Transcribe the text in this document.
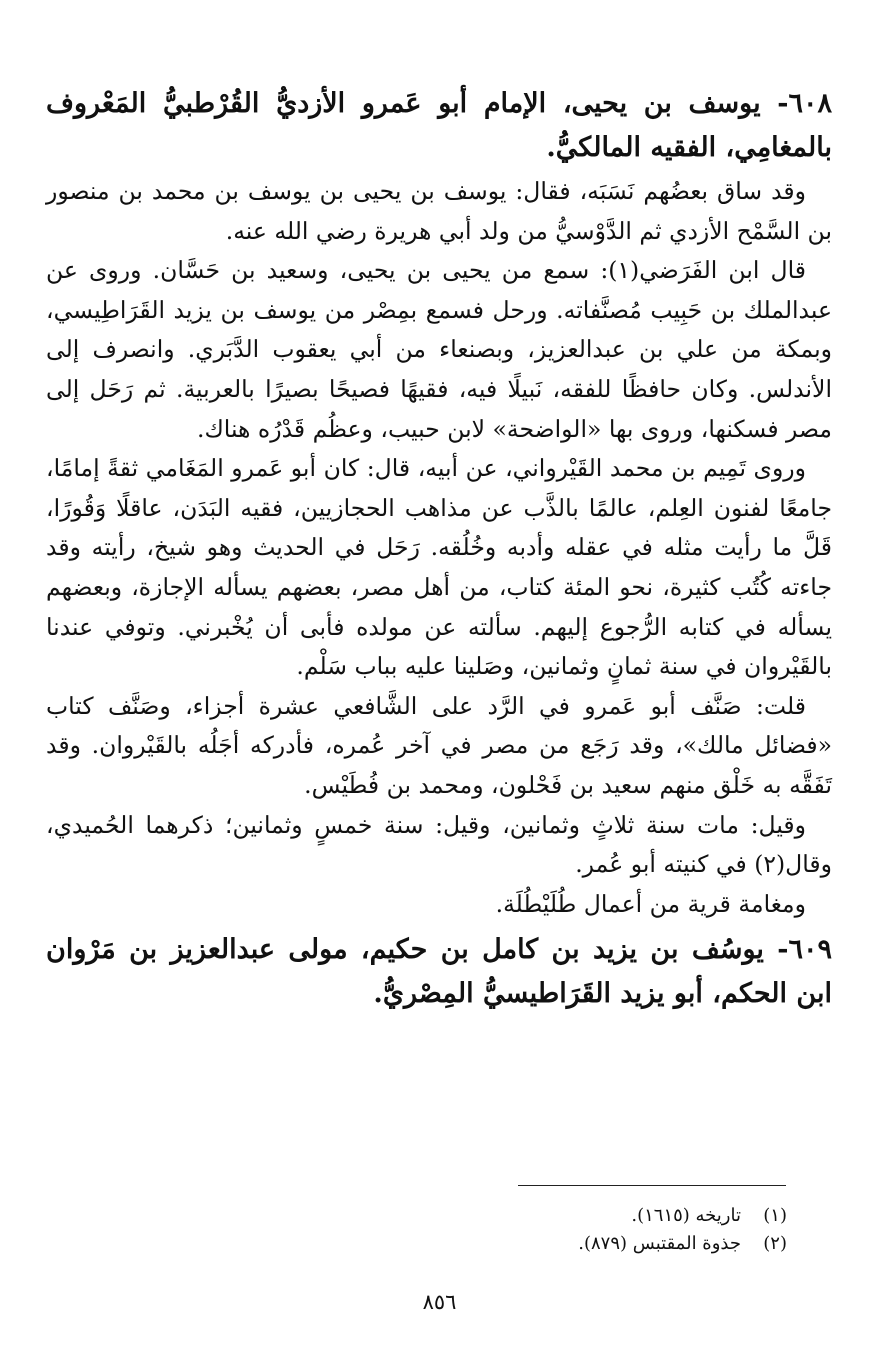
٦٠٨- يوسف بن يحيى، الإمام أبو عَمرو الأزديُّ القُرْطبيُّ المَعْروف بالمغامِي، الفقيه المالكيُّ.

وقد ساق بعضُهم نَسَبَه، فقال: يوسف بن يحيى بن يوسف بن محمد بن منصور بن السَّمْح الأزدي ثم الدَّوْسيُّ من ولد أبي هريرة رضي الله عنه.

قال ابن الفَرَضي(١): سمع من يحيى بن يحيى، وسعيد بن حَسَّان. وروى عن عبدالملك بن حَبِيب مُصنَّفاته. ورحل فسمع بمِصْر من يوسف بن يزيد القَرَاطِيسي، وبمكة من علي بن عبدالعزيز، وبصنعاء من أبي يعقوب الدَّبَري. وانصرف إلى الأندلس. وكان حافظًا للفقه، نَبيلًا فيه، فقيهًا فصيحًا بصيرًا بالعربية. ثم رَحَل إلى مصر فسكنها، وروى بها «الواضحة» لابن حبيب، وعظُم قَدْرُه هناك.

وروى تَمِيم بن محمد القَيْرواني، عن أبيه، قال: كان أبو عَمرو المَغَامي ثقةً إمامًا، جامعًا لفنون العِلم، عالمًا بالذَّب عن مذاهب الحجازيين، فقيه البَدَن، عاقلًا وَقُورًا، قَلَّ ما رأيت مثله في عقله وأدبه وخُلُقه. رَحَل في الحديث وهو شيخ، رأيته وقد جاءته كُتُب كثيرة، نحو المئة كتاب، من أهل مصر، بعضهم يسأله الإجازة، وبعضهم يسأله في كتابه الرُّجوع إليهم. سألته عن مولده فأبى أن يُخْبرني. وتوفي عندنا بالقَيْروان في سنة ثمانٍ وثمانين، وصَلينا عليه بباب سَلْم.

قلت: صَنَّف أبو عَمرو في الرَّد على الشَّافعي عشرة أجزاء، وصَنَّف كتاب «فضائل مالك»، وقد رَجَع من مصر في آخر عُمره، فأدركه أجَلُه بالقَيْروان. وقد تَفَقَّه به خَلْق منهم سعيد بن فَحْلون، ومحمد بن فُطَيْس.

وقيل: مات سنة ثلاثٍ وثمانين، وقيل: سنة خمسٍ وثمانين؛ ذكرهما الحُميدي، وقال(٢) في كنيته أبو عُمر.

ومغامة قرية من أعمال طُلَيْطُلَة.

٦٠٩- يوسُف بن يزيد بن كامل بن حكيم، مولى عبدالعزيز بن مَرْوان ابن الحكم، أبو يزيد القَرَاطيسيُّ المِصْريُّ.

(١)تاريخه (١٦١٥).

(٢)جذوة المقتبس (٨٧٩).

٨٥٦
